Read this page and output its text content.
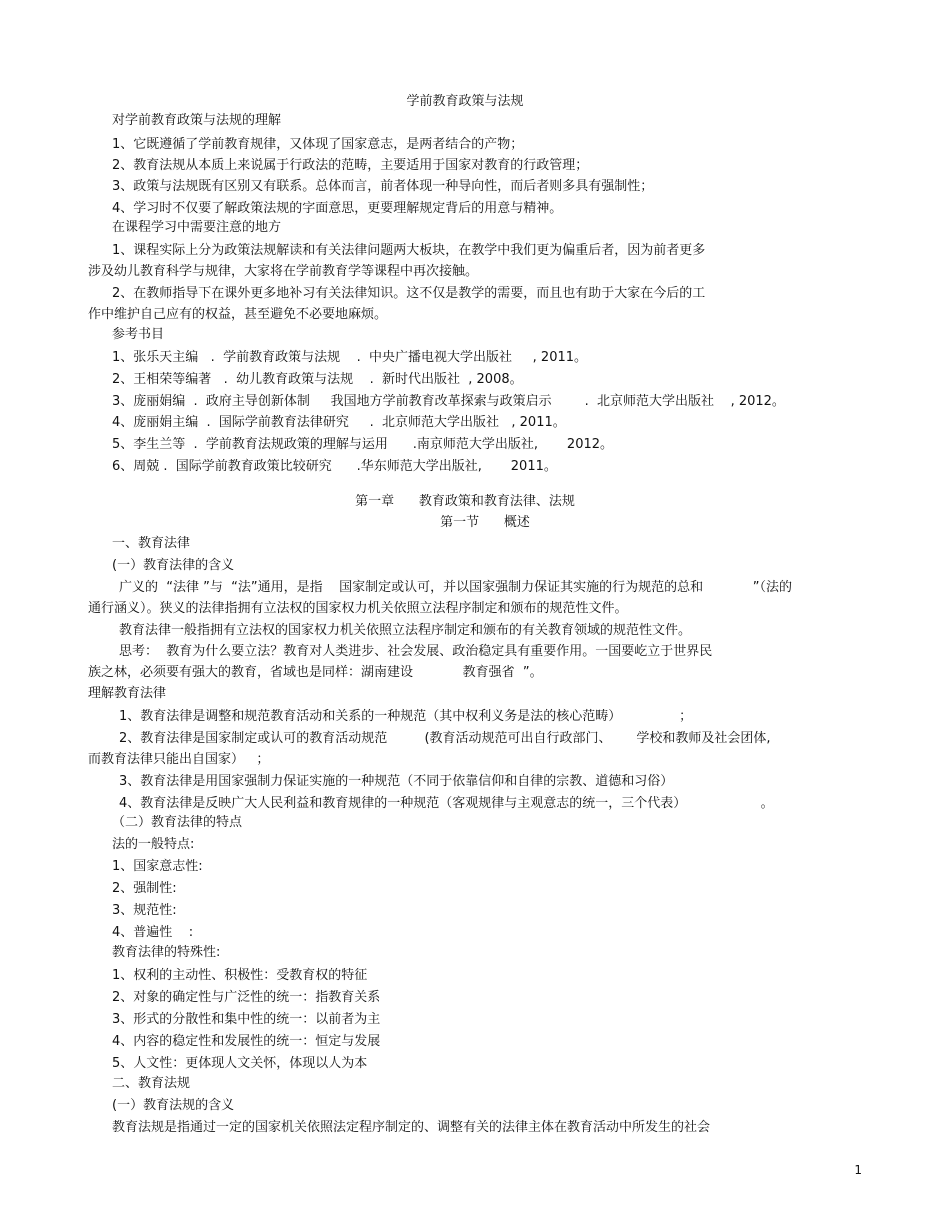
学前教育政策与法规
对学前教育政策与法规的理解
1、它既遵循了学前教育规律，又体现了国家意志，是两者结合的产物；
2、教育法规从本质上来说属于行政法的范畴，主要适用于国家对教育的行政管理；
3、政策与法规既有区别又有联系。总体而言，前者体现一种导向性，而后者则多具有强制性；
4、学习时不仅要了解政策法规的字面意思，更要理解规定背后的用意与精神。
在课程学习中需要注意的地方
1、课程实际上分为政策法规解读和有关法律问题两大板块，在教学中我们更为偏重后者，因为前者更多
涉及幼儿教育科学与规律，大家将在学前教育学等课程中再次接触。
2、在教师指导下在课外更多地补习有关法律知识。这不仅是教学的需要，而且也有助于大家在今后的工
作中维护自己应有的权益，甚至避免不必要地麻烦。
参考书目
1、张乐天主编   .  学前教育政策与法规    .  中央广播电视大学出版社     , 2011。
2、王相荣等编著   .  幼儿教育政策与法规    .  新时代出版社  , 2008。
3、庞丽娟编  .  政府主导创新体制     我国地方学前教育改革探索与政策启示        .  北京师范大学出版社    , 2012。
4、庞丽娟主编  .  国际学前教育法律研究     .  北京师范大学出版社   , 2011。
5、李生兰等  .  学前教育法规政策的理解与运用      .南京师范大学出版社,       2012。
6、周兢 .  国际学前教育政策比较研究      .华东师范大学出版社,       2011。
第一章      教育政策和教育法律、法规
第一节      概述
一、教育法律
(一）教育法律的含义
广义的  “法律 ”与  “法”通用，是指    国家制定或认可，并以国家强制力保证其实施的行为规范的总和            ”（法的
通行涵义）。狭义的法律指拥有立法权的国家权力机关依照立法程序制定和颁布的规范性文件。
教育法律一般指拥有立法权的国家权力机关依照立法程序制定和颁布的有关教育领域的规范性文件。
思考：  教育为什么要立法？教育对人类进步、社会发展、政治稳定具有重要作用。一国要屹立于世界民
族之林，必须要有强大的教育，省域也是同样：湖南建设            教育强省  ”。
理解教育法律
1、教育法律是调整和规范教育活动和关系的一种规范（其中权利义务是法的核心范畴）              ；
2、教育法律是国家制定或认可的教育活动规范         (教育活动规范可出自行政部门、      学校和教师及社会团体,
而教育法律只能出自国家）   ；
3、教育法律是用国家强制力保证实施的一种规范（不同于依靠信仰和自律的宗教、道德和习俗）
4、教育法律是反映广大人民利益和教育规律的一种规范（客观规律与主观意志的统一，三个代表）                  。
（二）教育法律的特点
法的一般特点:
1、国家意志性:
2、强制性:
3、规范性:
4、普遍性    :
教育法律的特殊性:
1、权利的主动性、积极性：受教育权的特征
2、对象的确定性与广泛性的统一：指教育关系
3、形式的分散性和集中性的统一：以前者为主
4、内容的稳定性和发展性的统一：恒定与发展
5、人文性：更体现人文关怀，体现以人为本
二、教育法规
(一）教育法规的含义
教育法规是指通过一定的国家机关依照法定程序制定的、调整有关的法律主体在教育活动中所发生的社会
1
